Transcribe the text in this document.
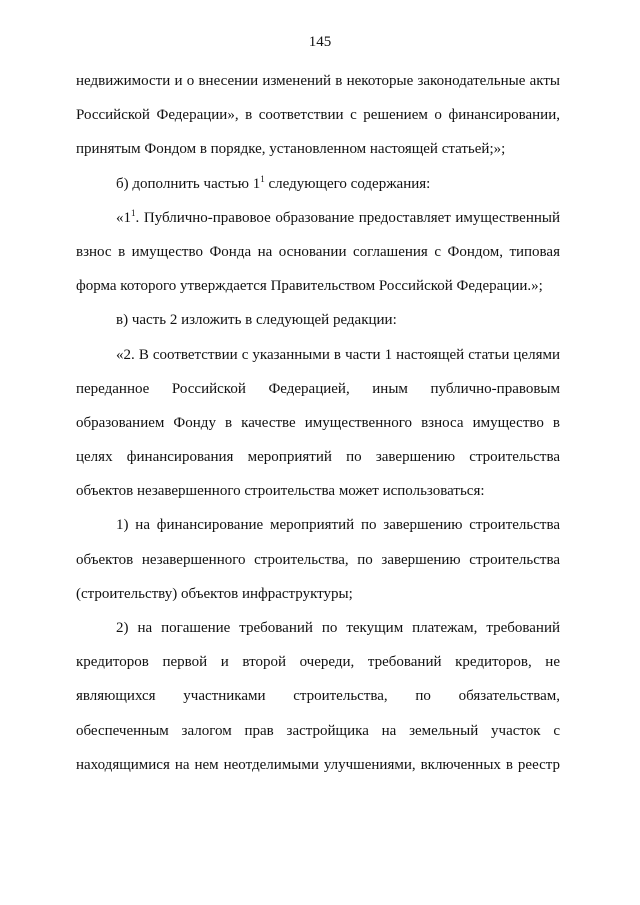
145
недвижимости и о внесении изменений в некоторые законодательные акты
Российской Федерации», в соответствии с решением о финансировании,
принятым Фондом в порядке, установленном настоящей статьей;»;
б) дополнить частью $1^1$ следующего содержания:
«$1^1$. Публично-правовое образование предоставляет имущественный
взнос в имущество Фонда на основании соглашения с Фондом, типовая
форма которого утверждается Правительством Российской Федерации.»;
в) часть 2 изложить в следующей редакции:
«2. В соответствии с указанными в части 1 настоящей статьи целями
переданное Российской Федерацией, иным публично-правовым
образованием Фонду в качестве имущественного взноса имущество в
целях финансирования мероприятий по завершению строительства
объектов незавершенного строительства может использоваться:
1) на финансирование мероприятий по завершению строительства
объектов незавершенного строительства, по завершению строительства
(строительству) объектов инфраструктуры;
2) на погашение требований по текущим платежам, требований
кредиторов первой и второй очереди, требований кредиторов, не
являющихся участниками строительства, по обязательствам,
обеспеченным залогом прав застройщика на земельный участок с
находящимися на нем неотделимыми улучшениями, включенных в реестр
